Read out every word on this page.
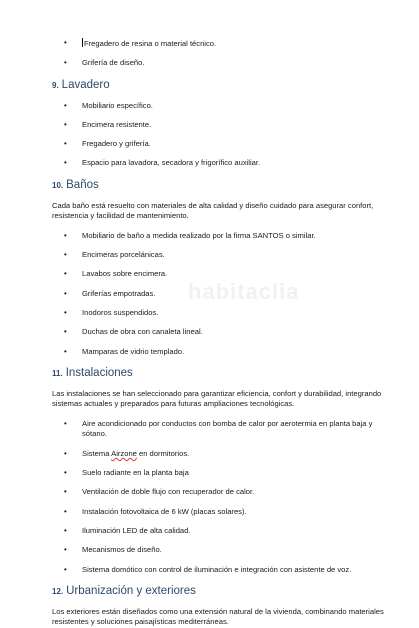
habitaclia
• Fregadero de resina o material técnico.
• Grifería de diseño.
9. Lavadero
• Mobiliario específico.
• Encimera resistente.
• Fregadero y grifería.
• Espacio para lavadora, secadora y frigorífico auxiliar.
10. Baños

Cada baño está resuelto con materiales de alta calidad y diseño cuidado para asegurar confort, resistencia y facilidad de mantenimiento.

• Mobiliario de baño a medida realizado por la firma SANTOS o similar.
• Encimeras porcelánicas.
• Lavabos sobre encimera.
• Griferías empotradas.
• Inodoros suspendidos.
• Duchas de obra con canaleta lineal.
• Mamparas de vidrio templado.
11. Instalaciones

Las instalaciones se han seleccionado para garantizar eficiencia, confort y durabilidad, integrando sistemas actuales y preparados para futuras ampliaciones tecnológicas.

• Aire acondicionado por conductos con bomba de calor por aerotermia en planta baja y sótano.
• Sistema Airzone en dormitorios.
• Suelo radiante en la planta baja
• Ventilación de doble flujo con recuperador de calor.
• Instalación fotovoltaica de 6 kW (placas solares).
• Iluminación LED de alta calidad.
• Mecanismos de diseño.
• Sistema domótico con control de iluminación e integración con asistente de voz.
12. Urbanización y exteriores

Los exteriores están diseñados como una extensión natural de la vivienda, combinando materiales resistentes y soluciones paisajísticas mediterráneas.
